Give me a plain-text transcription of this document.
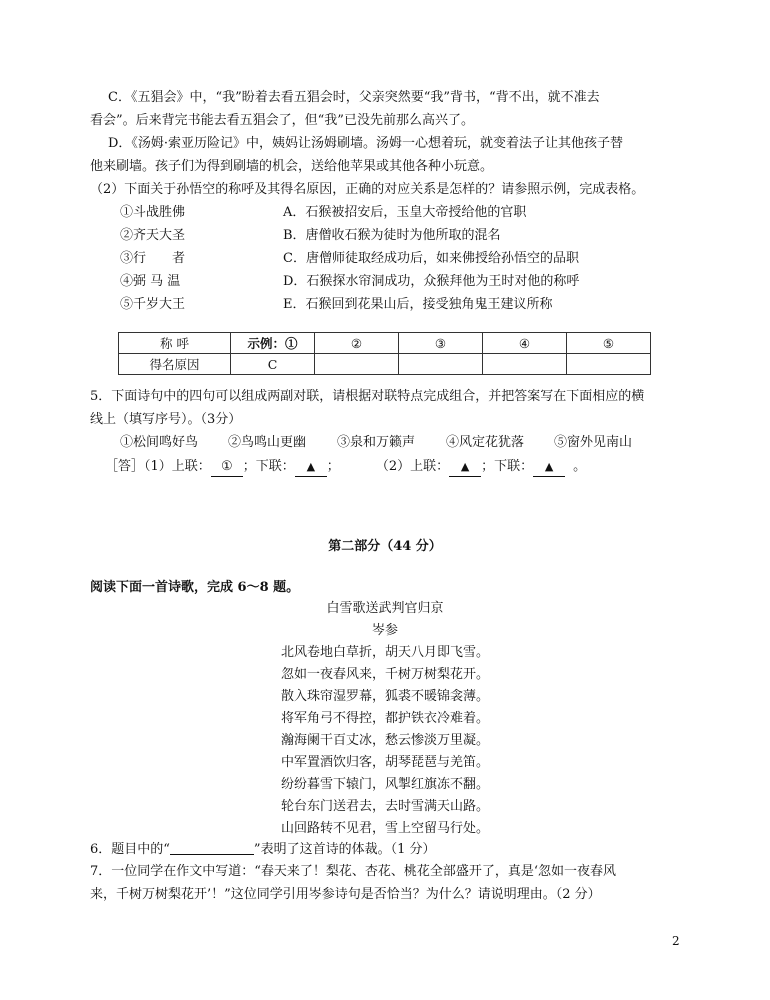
C．《五猖会》中，“我”盼着去看五猖会时，父亲突然要“我”背书，“背不出，就不准去
看会”。后来背完书能去看五猖会了，但“我”已没先前那么高兴了。
D．《汤姆·索亚历险记》中，姨妈让汤姆刷墙。汤姆一心想着玩，就变着法子让其他孩子替
他来刷墙。孩子们为得到刷墙的机会，送给他苹果或其他各种小玩意。
（2）下面关于孙悟空的称呼及其得名原因，正确的对应关系是怎样的？请参照示例，完成表格。
①斗战胜佛	A．石猴被招安后，玉皇大帝授给他的官职
②齐天大圣	B．唐僧收石猴为徒时为他所取的混名
③行　　者	C．唐僧师徒取经成功后，如来佛授给孙悟空的品职
④弼 马 温	D．石猴探水帘洞成功，众猴拜他为王时对他的称呼
⑤千岁大王	E．石猴回到花果山后，接受独角鬼王建议所称
称 呼	示例：①	②	③	④	⑤
得名原因	C				
5．下面诗句中的四句可以组成两副对联，请根据对联特点完成组合，并把答案写在下面相应的横
线上（填写序号）。（3分）
①松间鸣好鸟 ②鸟鸣山更幽 ③泉和万籁声 ④风定花犹落 ⑤窗外见南山
［答］（1）上联： ① ；下联： ▲ ；	（2）上联： ▲ ；下联： ▲ 。
第二部分（44 分）
阅读下面一首诗歌，完成 6～8 题。
白雪歌送武判官归京
岑参
北风卷地白草折，胡天八月即飞雪。
忽如一夜春风来，千树万树梨花开。
散入珠帘湿罗幕，狐裘不暖锦衾薄。
将军角弓不得控，都护铁衣冷难着。
瀚海阑干百丈冰，愁云惨淡万里凝。
中军置酒饮归客，胡琴琵琶与羌笛。
纷纷暮雪下辕门，风掣红旗冻不翻。
轮台东门送君去，去时雪满天山路。
山回路转不见君，雪上空留马行处。
6．题目中的“	”表明了这首诗的体裁。（1 分）
7．一位同学在作文中写道：“春天来了！梨花、杏花、桃花全部盛开了，真是‘忽如一夜春风
来，千树万树梨花开’！”这位同学引用岑参诗句是否恰当？为什么？请说明理由。（2 分）
2
